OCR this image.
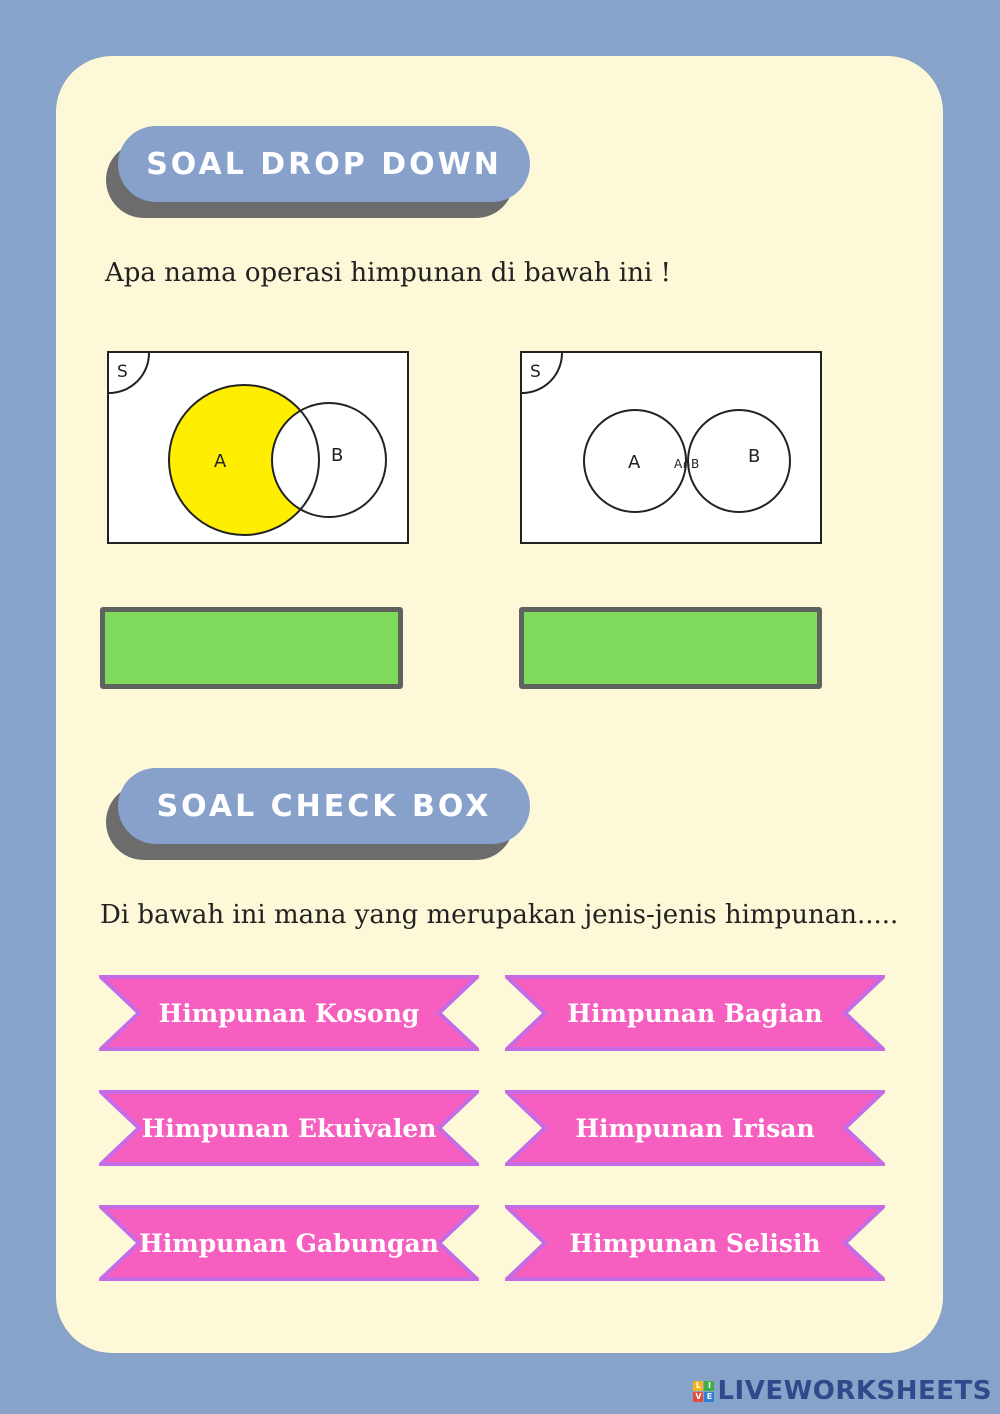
SOAL DROP DOWN
Apa nama operasi himpunan di bawah ini !
S
A	B
S
A	B
A∩B
SOAL CHECK BOX
Di bawah ini mana yang merupakan jenis-jenis himpunan.....
Himpunan Kosong	Himpunan Bagian
Himpunan Ekuivalen	Himpunan Irisan
Himpunan Gabungan	Himpunan Selisih
L I
V E LIVEWORKSHEETS
